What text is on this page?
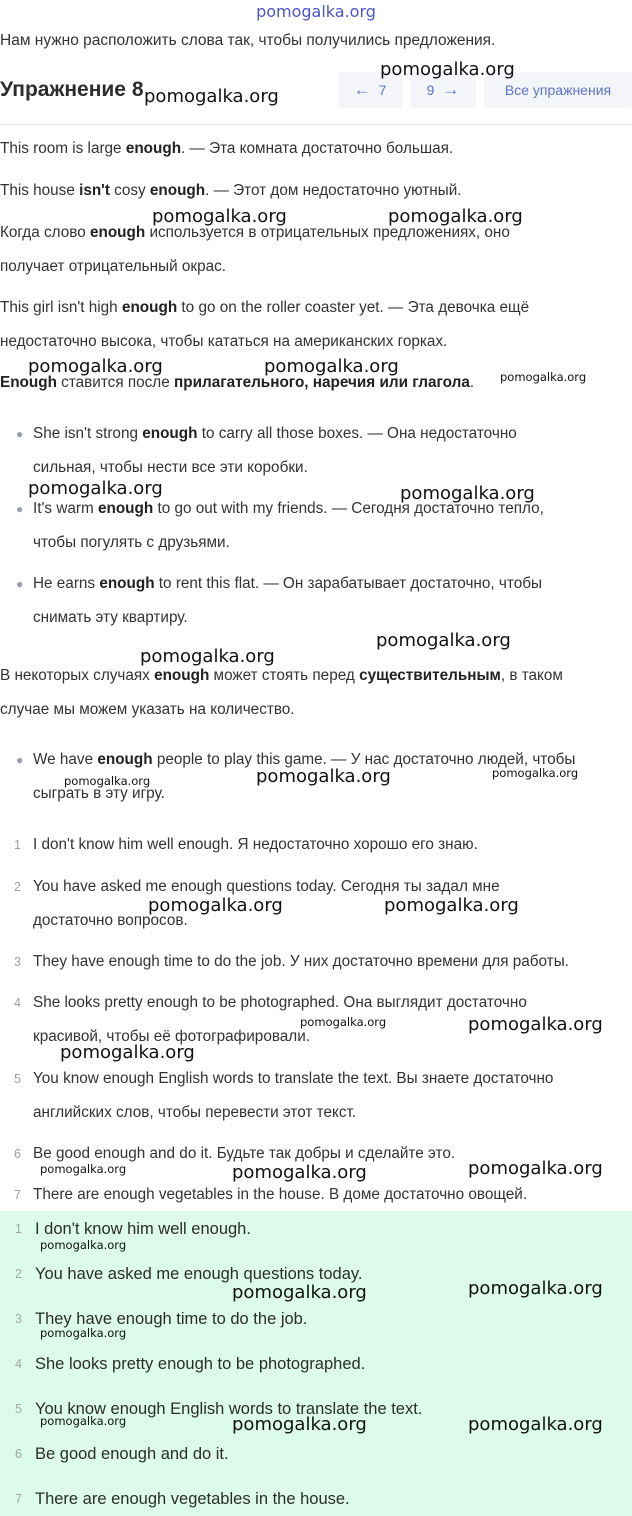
pomogalka.org
Нам нужно расположить слова так, чтобы получились предложения.
Упражнение 8	← 7	9 →	Все упражнения
This room is large enough. — Эта комната достаточно большая.
This house isn't cosy enough. — Этот дом недостаточно уютный.
Когда слово enough используется в отрицательных предложениях, оно
получает отрицательный окрас.
This girl isn't high enough to go on the roller coaster yet. — Эта девочка ещё
недостаточно высока, чтобы кататься на американских горках.
Enough ставится после прилагательного, наречия или глагола.
● She isn't strong enough to carry all those boxes. — Она недостаточно
сильная, чтобы нести все эти коробки.
● It's warm enough to go out with my friends. — Сегодня достаточно тепло,
чтобы погулять с друзьями.
● He earns enough to rent this flat. — Он зарабатывает достаточно, чтобы
снимать эту квартиру.
В некоторых случаях enough может стоять перед существительным, в таком
случае мы можем указать на количество.
● We have enough people to play this game. — У нас достаточно людей, чтобы
сыграть в эту игру.
1 I don't know him well enough. Я недостаточно хорошо его знаю.
2 You have asked me enough questions today. Сегодня ты задал мне
достаточно вопросов.
3 They have enough time to do the job. У них достаточно времени для работы.
4 She looks pretty enough to be photographed. Она выглядит достаточно
красивой, чтобы её фотографировали.
5 You know enough English words to translate the text. Вы знаете достаточно
английских слов, чтобы перевести этот текст.
6 Be good enough and do it. Будьте так добры и сделайте это.
7 There are enough vegetables in the house. В доме достаточно овощей.
1 I don't know him well enough.
2 You have asked me enough questions today.
3 They have enough time to do the job.
4 She looks pretty enough to be photographed.
5 You know enough English words to translate the text.
6 Be good enough and do it.
7 There are enough vegetables in the house.
pomogalka.org
pomogalka.org
pomogalka.org	pomogalka.org
pomogalka.org	pomogalka.org	pomogalka.org
pomogalka.org	pomogalka.org
pomogalka.org
pomogalka.org
pomogalka.org	pomogalka.org
pomogalka.org
pomogalka.org	pomogalka.org
pomogalka.org	pomogalka.org
pomogalka.org
pomogalka.org	pomogalka.org	pomogalka.org
pomogalka.org
pomogalka.org	pomogalka.org
pomogalka.org
pomogalka.org	pomogalka.org	pomogalka.org
